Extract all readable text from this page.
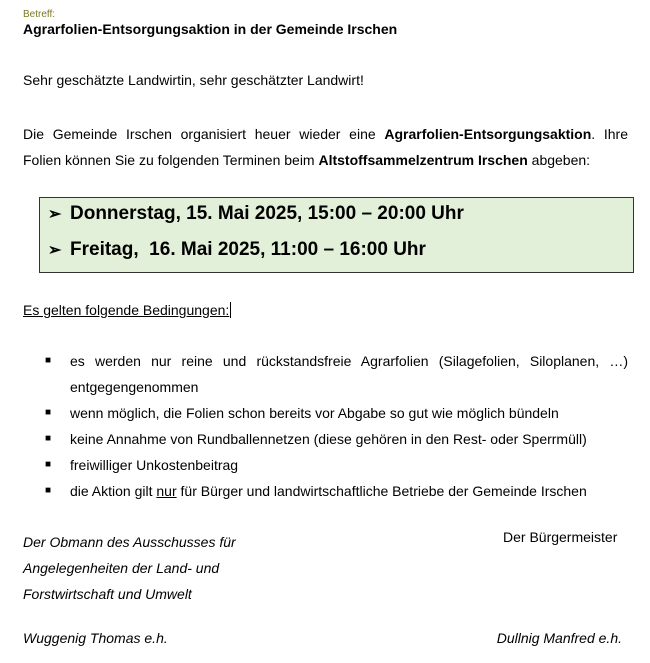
Betreff:
Agrarfolien-Entsorgungsaktion in der Gemeinde Irschen
Sehr geschätzte Landwirtin, sehr geschätzter Landwirt!
Die Gemeinde Irschen organisiert heuer wieder eine Agrarfolien-Entsorgungsaktion. Ihre Folien können Sie zu folgenden Terminen beim Altstoffsammelzentrum Irschen abgeben:
➢ Donnerstag, 15. Mai 2025, 15:00 – 20:00 Uhr
➢ Freitag,  16. Mai 2025, 11:00 – 16:00 Uhr
Es gelten folgende Bedingungen:
■ es werden nur reine und rückstandsfreie Agrarfolien (Silagefolien, Siloplanen, …) entgegengenommen
■ wenn möglich, die Folien schon bereits vor Abgabe so gut wie möglich bündeln
■ keine Annahme von Rundballennetzen (diese gehören in den Rest- oder Sperrmüll)
■ freiwilliger Unkostenbeitrag
■ die Aktion gilt nur für Bürger und landwirtschaftliche Betriebe der Gemeinde Irschen
Der Obmann des Ausschusses für
Angelegenheiten der Land- und
Forstwirtschaft und Umwelt
Der Bürgermeister
Wuggenig Thomas e.h.	Dullnig Manfred e.h.
